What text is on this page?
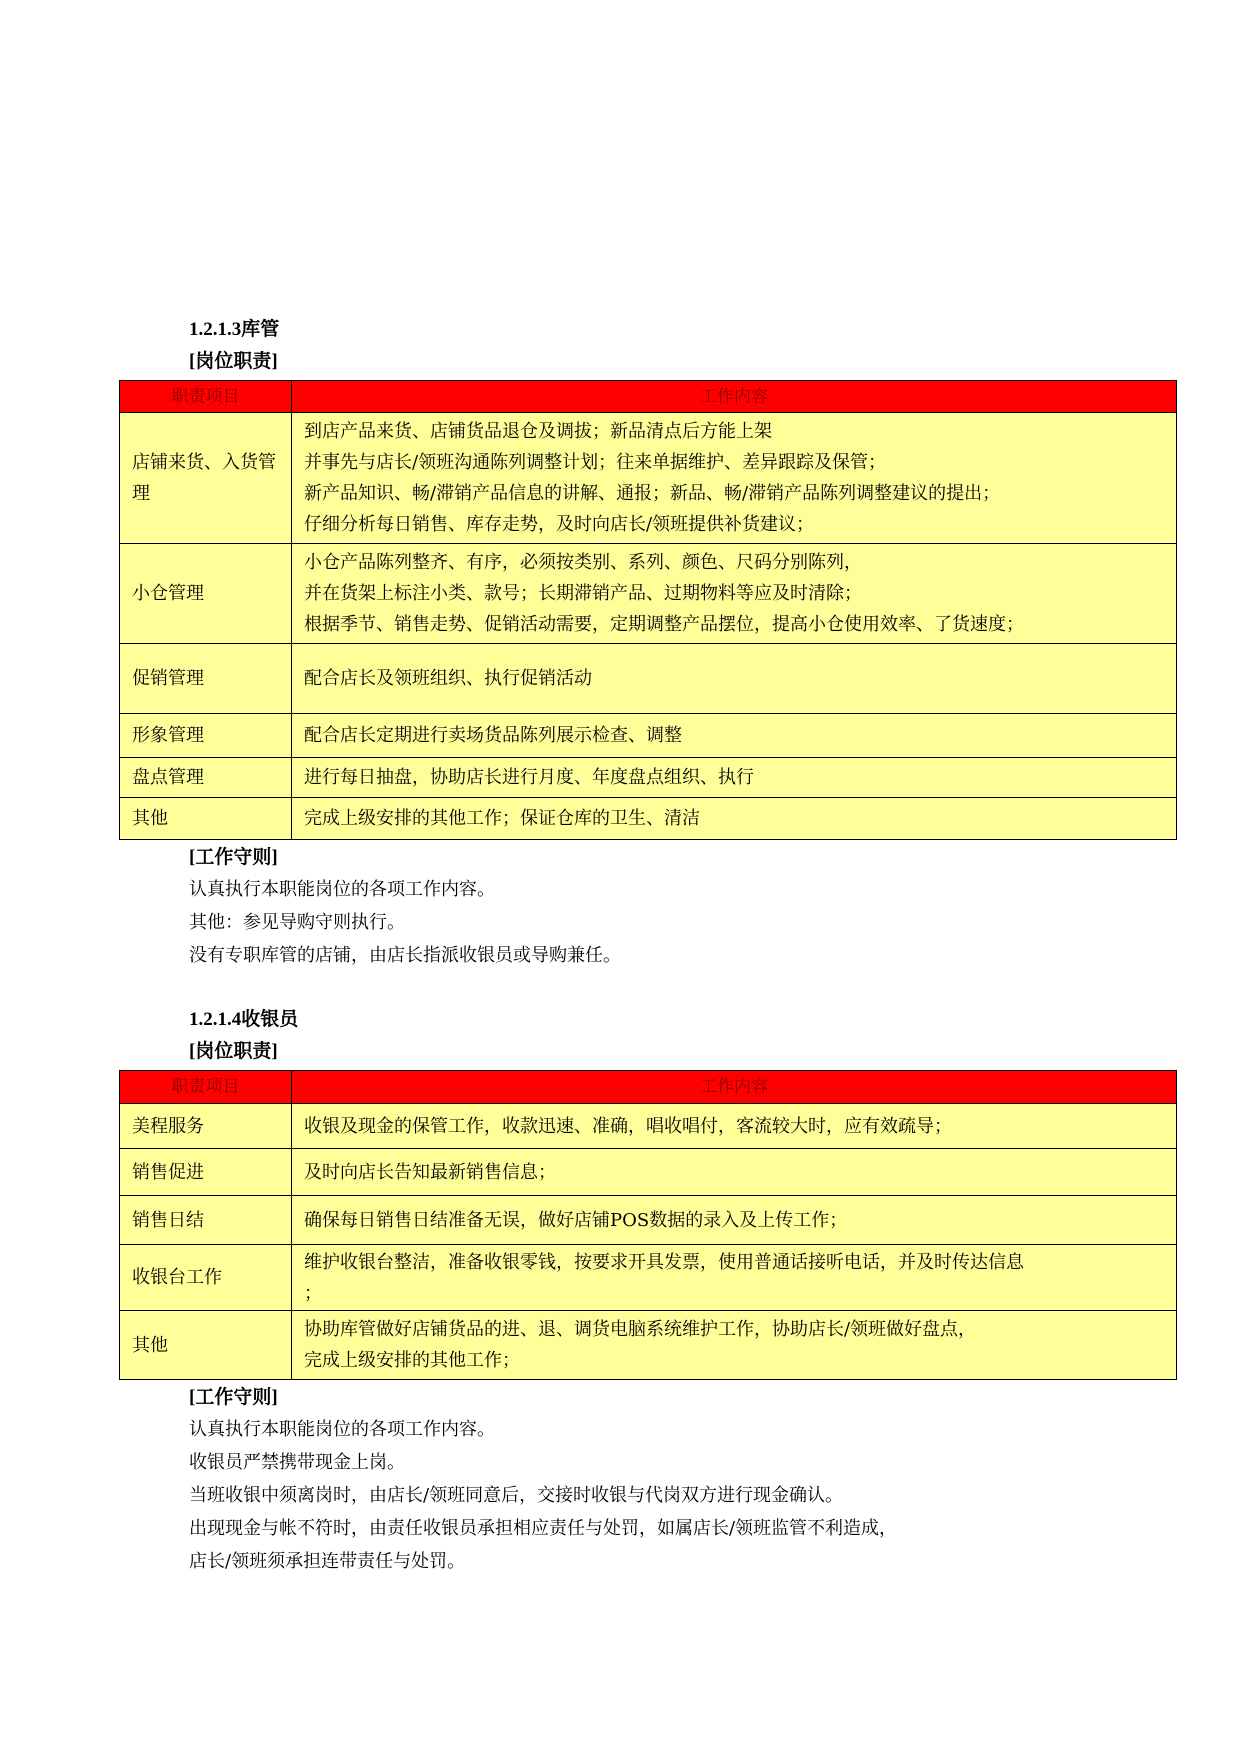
1.2.1.3库管
[岗位职责]
职责项目	工作内容
店铺来货、入货管理	到店产品来货、店铺货品退仓及调拔；新品清点后方能上架
并事先与店长/领班沟通陈列调整计划；往来单据维护、差异跟踪及保管；
新产品知识、畅/滞销产品信息的讲解、通报；新品、畅/滞销产品陈列调整建议的提出；
仔细分析每日销售、库存走势，及时向店长/领班提供补货建议；

小仓管理	小仓产品陈列整齐、有序，必须按类别、系列、颜色、尺码分别陈列，
并在货架上标注小类、款号；长期滞销产品、过期物料等应及时清除；
根据季节、销售走势、促销活动需要，定期调整产品摆位，提高小仓使用效率、了货速度；

促销管理	配合店长及领班组织、执行促销活动

形象管理	配合店长定期进行卖场货品陈列展示检查、调整

盘点管理	进行每日抽盘，协助店长进行月度、年度盘点组织、执行

其他	完成上级安排的其他工作；保证仓库的卫生、清洁
[工作守则]
认真执行本职能岗位的各项工作内容。
其他：参见导购守则执行。
没有专职库管的店铺，由店长指派收银员或导购兼任。
1.2.1.4收银员
[岗位职责]
职责项目	工作内容
美程服务	收银及现金的保管工作，收款迅速、准确，唱收唱付，客流较大时，应有效疏导；

销售促进	及时向店长告知最新销售信息；

销售日结	确保每日销售日结准备无误，做好店铺POS数据的录入及上传工作；

收银台工作	维护收银台整洁，准备收银零钱，按要求开具发票，使用普通话接听电话，并及时传达信息
；

其他	协助库管做好店铺货品的进、退、调货电脑系统维护工作，协助店长/领班做好盘点，
完成上级安排的其他工作；
[工作守则]
认真执行本职能岗位的各项工作内容。
收银员严禁携带现金上岗。
当班收银中须离岗时，由店长/领班同意后，交接时收银与代岗双方进行现金确认。
出现现金与帐不符时，由责任收银员承担相应责任与处罚，如属店长/领班监管不利造成，
店长/领班须承担连带责任与处罚。
